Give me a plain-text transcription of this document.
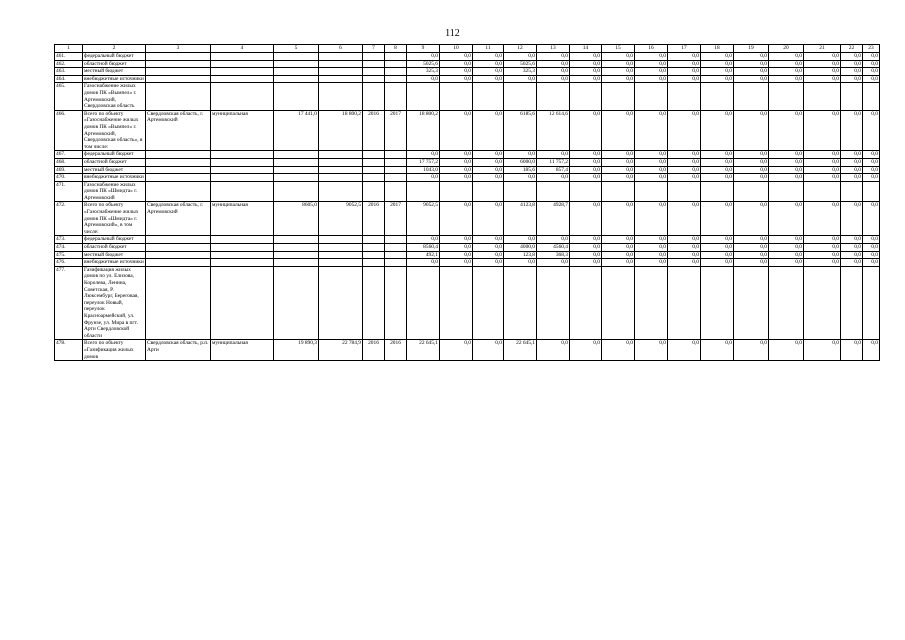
112
1	2	3	4	5	6	7	8	9	10	11	12	13	14	15	16	17	18	19	20	21	22	23
461.	федеральный бюджет							0,0	0,0	0,0	0,0	0,0	0,0	0,0	0,0	0,0	0,0	0,0	0,0	0,0	0,0	0,0
462.	областной бюджет							5025,6	0,0	0,0	5025,6	0,0	0,0	0,0	0,0	0,0	0,0	0,0	0,0	0,0	0,0	0,0
463.	местный бюджет							325,3	0,0	0,0	325,3	0,0	0,0	0,0	0,0	0,0	0,0	0,0	0,0	0,0	0,0	0,0
464.	внебюджетные источники							0,0	0,0	0,0	0,0	0,0	0,0	0,0	0,0	0,0	0,0	0,0	0,0	0,0	0,0	0,0
465.	Газоснабжение жилых домов ПК «Вымпел» г. Артемовский, Свердловская область																					
466.	Всего по объекту «Газоснабжение жилых домов ПК «Вымпел» г. Артемовский, Свердловская область», в том числе:	Свердловская область, г. Артемовский	муниципальная	17 441,0	18 800,2	2016	2017	18 800,2	0,0	0,0	6185,6	12 614,6	0,0	0,0	0,0	0,0	0,0	0,0	0,0	0,0	0,0	0,0
467.	федеральный бюджет							0,0	0,0	0,0	0,0	0,0	0,0	0,0	0,0	0,0	0,0	0,0	0,0	0,0	0,0	0,0
468.	областной бюджет							17 757,2	0,0	0,0	6000,0	11 757,2	0,0	0,0	0,0	0,0	0,0	0,0	0,0	0,0	0,0	0,0
469.	местный бюджет							1043,0	0,0	0,0	185,6	857,4	0,0	0,0	0,0	0,0	0,0	0,0	0,0	0,0	0,0	0,0
470.	внебюджетные источники							0,0	0,0	0,0	0,0	0,0	0,0	0,0	0,0	0,0	0,0	0,0	0,0	0,0	0,0	0,0
471.	Газоснабжение жилых домов ПК «Шмидта» г. Артемовский																					
472.	Всего по объекту «Газоснабжение жилых домов ПК «Шмидта» г. Артемовский», в том числе:	Свердловская область, г. Артемовский	муниципальная	8605,0	9052,5	2016	2017	9052,5	0,0	0,0	4123,8	4928,7	0,0	0,0	0,0	0,0	0,0	0,0	0,0	0,0	0,0	0,0
473.	федеральный бюджет							0,0	0,0	0,0	0,0	0,0	0,0	0,0	0,0	0,0	0,0	0,0	0,0	0,0	0,0	0,0
474.	областной бюджет							8560,4	0,0	0,0	4000,0	4560,4	0,0	0,0	0,0	0,0	0,0	0,0	0,0	0,0	0,0	0,0
475.	местный бюджет							492,1	0,0	0,0	123,8	368,3	0,0	0,0	0,0	0,0	0,0	0,0	0,0	0,0	0,0	0,0
476.	внебюджетные источники							0,0	0,0	0,0	0,0	0,0	0,0	0,0	0,0	0,0	0,0	0,0	0,0	0,0	0,0	0,0
477.	Газификация жилых домов по ул. Елизова, Королева, Ленина, Советская, Р. Люксембург, Береговая, переулок Новый, переулок Красноармейский, ул. Фрунзе, ул. Мира в пгт. Арти Свердловской области																					
478.	Всего по объекту «Газификация жилых домов	Свердловская область, р.п. Арти	муниципальная	19 890,3	22 784,9	2016	2016	22 645,1	0,0	0,0	22 645,1	0,0	0,0	0,0	0,0	0,0	0,0	0,0	0,0	0,0	0,0	0,0
